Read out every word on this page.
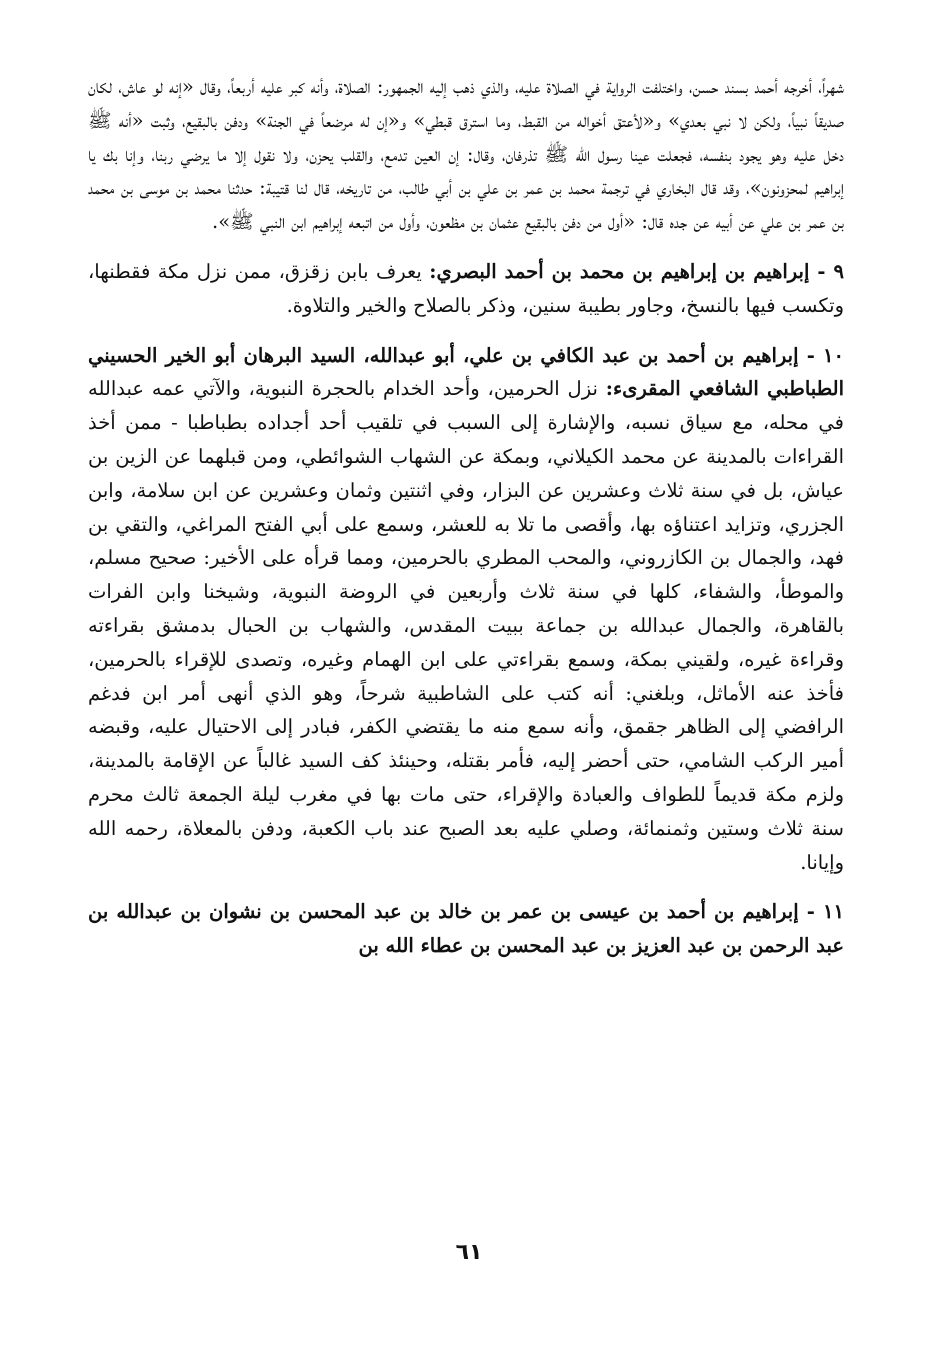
شهراً، أخرجه أحمد بسند حسن، واختلفت الرواية في الصلاة عليه، والذي ذهب إليه الجمهور: الصلاة، وأنه كبر عليه أربعاً، وقال «إنه لو عاش، لكان صديقاً نبياً، ولكن لا نبي بعدي» و«لأعتق أخواله من القبط، وما استرق قبطي» و«إن له مرضعاً في الجنة» ودفن بالبقيع، وثبت «أنه ﷺ دخل عليه وهو يجود بنفسه، فجعلت عينا رسول الله ﷺ تذرفان، وقال: إن العين تدمع، والقلب يحزن، ولا نقول إلا ما يرضي ربنا، وإنا بك يا إبراهيم لمحزونون»، وقد قال البخاري في ترجمة محمد بن عمر بن علي بن أبي طالب، من تاريخه، قال لنا قتيبة: حدثنا محمد بن موسى بن محمد بن عمر بن علي عن أبيه عن جده قال: «أول من دفن بالبقيع عثمان بن مظعون، وأول من اتبعه إبراهيم ابن النبي ﷺ».

٩ - إبراهيم بن إبراهيم بن محمد بن أحمد البصري: يعرف بابن زقزق، ممن نزل مكة فقطنها، وتكسب فيها بالنسخ، وجاور بطيبة سنين، وذكر بالصلاح والخير والتلاوة.

١٠ - إبراهيم بن أحمد بن عبد الكافي بن علي، أبو عبدالله، السيد البرهان أبو الخير الحسيني الطباطبي الشافعي المقرىء: نزل الحرمين، وأحد الخدام بالحجرة النبوية، والآتي عمه عبدالله في محله، مع سياق نسبه، والإشارة إلى السبب في تلقيب أحد أجداده بطباطبا - ممن أخذ القراءات بالمدينة عن محمد الكيلاني، وبمكة عن الشهاب الشوائطي، ومن قبلهما عن الزين بن عياش، بل في سنة ثلاث وعشرين عن البزار، وفي اثنتين وثمان وعشرين عن ابن سلامة، وابن الجزري، وتزايد اعتناؤه بها، وأقصى ما تلا به للعشر، وسمع على أبي الفتح المراغي، والتقي بن فهد، والجمال بن الكازروني، والمحب المطري بالحرمين، ومما قرأه على الأخير: صحيح مسلم، والموطأ، والشفاء، كلها في سنة ثلاث وأربعين في الروضة النبوية، وشيخنا وابن الفرات بالقاهرة، والجمال عبدالله بن جماعة ببيت المقدس، والشهاب بن الحبال بدمشق بقراءته وقراءة غيره، ولقيني بمكة، وسمع بقراءتي على ابن الهمام وغيره، وتصدى للإقراء بالحرمين، فأخذ عنه الأماثل، وبلغني: أنه كتب على الشاطبية شرحاً، وهو الذي أنهى أمر ابن فدغم الرافضي إلى الظاهر جقمق، وأنه سمع منه ما يقتضي الكفر، فبادر إلى الاحتيال عليه، وقبضه أمير الركب الشامي، حتى أحضر إليه، فأمر بقتله، وحينئذ كف السيد غالباً عن الإقامة بالمدينة، ولزم مكة قديماً للطواف والعبادة والإقراء، حتى مات بها في مغرب ليلة الجمعة ثالث محرم سنة ثلاث وستين وثمنمائة، وصلي عليه بعد الصبح عند باب الكعبة، ودفن بالمعلاة، رحمه الله وإيانا.

١١ - إبراهيم بن أحمد بن عيسى بن عمر بن خالد بن عبد المحسن بن نشوان بن عبدالله بن عبد الرحمن بن عبد العزيز بن عبد المحسن بن عطاء الله بن

٦١
